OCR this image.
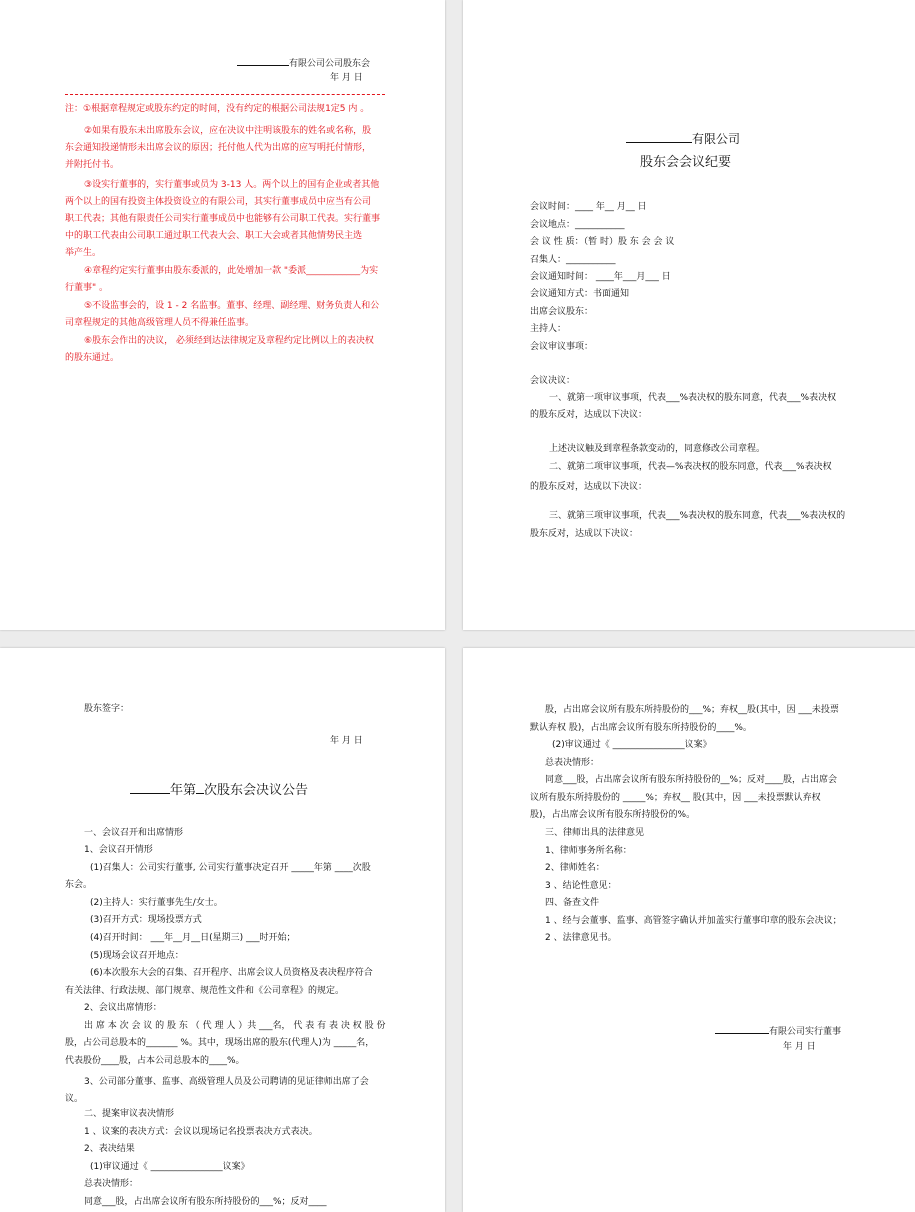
有限公司公司股东会
年 月 日
注：①根据章程规定或股东约定的时间，没有约定的根据公司法规1定5 内 。
②如果有股东未出席股东会议，应在决议中注明该股东的姓名或名称，股
东会通知投递情形未出席会议的原因；托付他人代为出席的应写明托付情形，
并附托付书。
③设实行董事的，实行董事或员为 3-13 人。两个以上的国有企业或者其他
两个以上的国有投资主体投资设立的有限公司，其实行董事成员中应当有公司
职工代表；其他有限责任公司实行董事成员中也能够有公司职工代表。实行董事
中的职工代表由公司职工通过职工代表大会、职工大会或者其他情势民主选
举产生。
④章程约定实行董事由股东委派的，此处增加一款 "委派____________为实
行董事" 。
⑤不设监事会的，设 1 - 2 名监事。董事、经理、副经理、财务负责人和公
司章程规定的其他高级管理人员不得兼任监事。
⑥股东会作出的决议， 必须经到达法律规定及章程约定比例以上的表决权
的股东通过。
有限公司
股东会会议纪要
会议时间：____ 年__ 月__ 日
会议地点：___________
会 议 性 质：（暂 时）股 东 会 会 议
召集人：___________
会议通知时间： ____年___月___ 日
会议通知方式：书面通知
出席会议股东：
主持人：
会议审议事项：
会议决议：
一、就第一项审议事项，代表___%表决权的股东同意，代表___%表决权
的股东反对，达成以下决议：
上述决议触及到章程条款变动的，同意修改公司章程。
二、就第二项审议事项，代表—%表决权的股东同意，代表___%表决权
的股东反对，达成以下决议：
三、就第三项审议事项，代表___%表决权的股东同意，代表___%表决权的
股东反对，达成以下决议：
股东签字：
年 月 日
年第 次股东会决议公告
一、会议召开和出席情形
1、会议召开情形
(1)召集人：公司实行董事, 公司实行董事决定召开 _____年第 ____次股
东会。
(2)主持人：实行董事先生/女士。
(3)召开方式：现场投票方式
(4)召开时间： ___年__月__日(星期三) ___时开始；
(5)现场会议召开地点：
(6)本次股东大会的召集、召开程序、出席会议人员资格及表决程序符合
有关法律、行政法规、部门规章、规范性文件和《公司章程》的规定。
2、会议出席情形：
出 席 本 次 会 议 的 股 东 （ 代 理 人 ）共 ___名， 代 表 有 表 决 权 股 份
股，占公司总股本的_______ %。其中，现场出席的股东(代理人)为 _____名，
代表股份____股，占本公司总股本的____%。
3、公司部分董事、监事、高级管理人员及公司聘请的见证律师出席了会
议。
二、提案审议表决情形
1 、议案的表决方式：会议以现场记名投票表决方式表决。
2、表决结果
(1)审议通过《 ________________议案》
总表决情形：
同意___股，占出席会议所有股东所持股份的___%；反对____
股，占出席会议所有股东所持股份的___%；弃权__股(其中，因 ___未投票
默认弃权 股)，占出席会议所有股东所持股份的____%。
(2)审议通过《 ________________议案》
总表决情形：
同意___股，占出席会议所有股东所持股份的__%；反对____股，占出席会
议所有股东所持股份的 _____%；弃权__ 股(其中，因 ___未投票默认弃权
股)，占出席会议所有股东所持股份的%。
三、律师出具的法律意见
1、律师事务所名称：
2、律师姓名：
3 、结论性意见：
四、备查文件
1 、经与会董事、监事、高管签字确认并加盖实行董事印章的股东会决议；
2 、法律意见书。
有限公司实行董事
年 月 日
